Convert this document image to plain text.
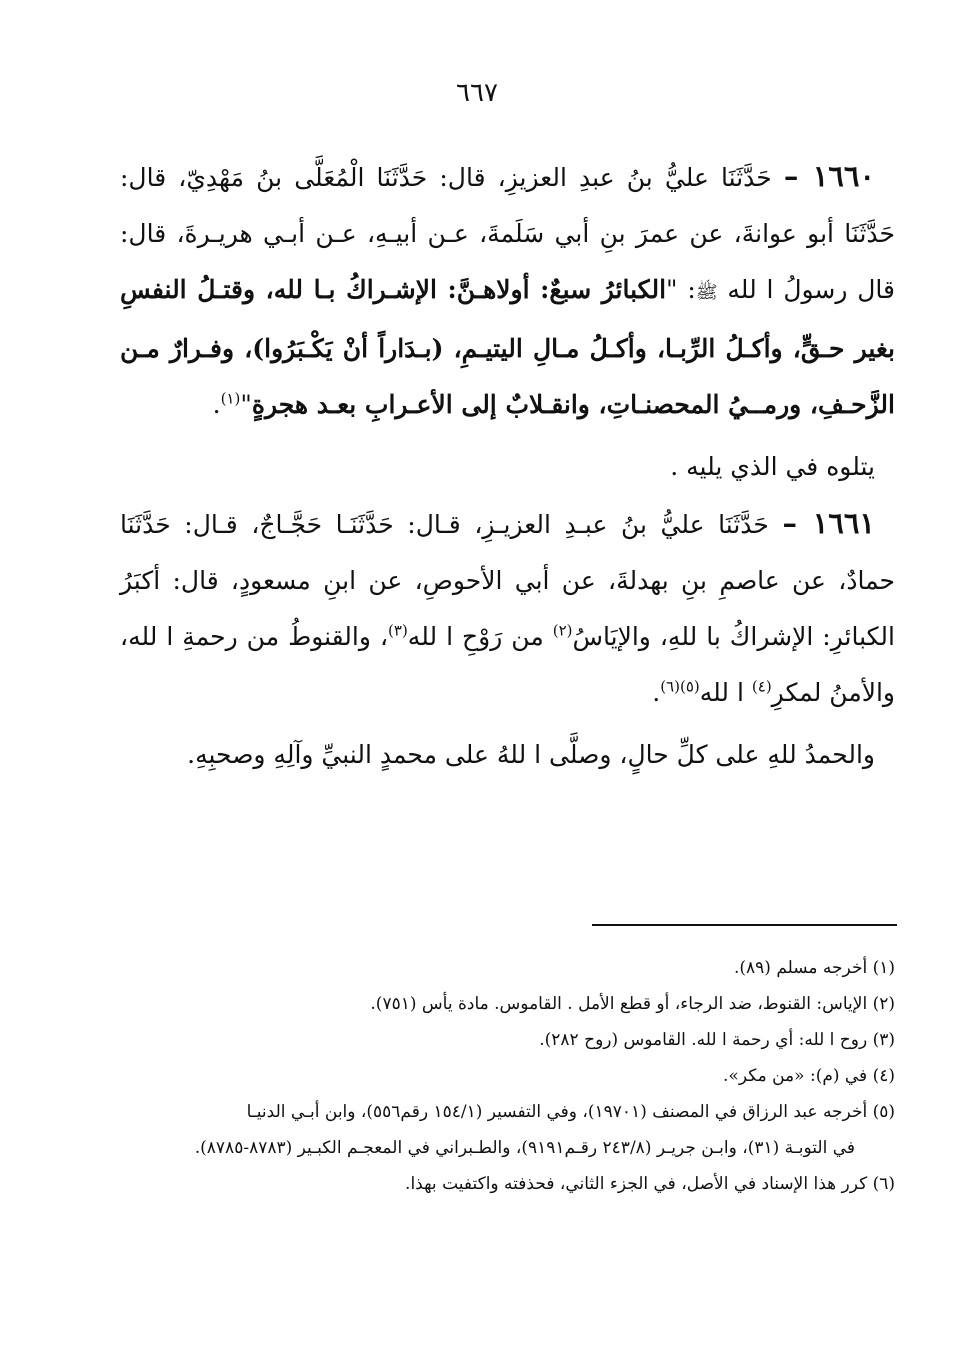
٦٦٧

١٦٦٠ – حَدَّثَنَا عليُّ بنُ عبدِ العزيزِ، قال: حَدَّثَنَا الْمُعَلَّى بنُ مَهْدِيّ، قال: حَدَّثَنَا أبو عوانةَ، عن عمرَ بنِ أبي سَلَمةَ، عـن أبيـهِ، عـن أبـي هريـرةَ، قال: قال رسولُ ا لله ﷺ: "الكبائرُ سبعٌ: أولاهـنَّ: الإشـراكُ بـا لله، وقتـلُ النفسِ بغير حـقٍّ، وأكـلُ الرِّبـا، وأكـلُ مـالِ اليتيـمِ، (بـدَاراً أنْ يَكْـبَرُوا)، وفـرارٌ مـن الزَّحـفِ، ورمــيُ المحصنـاتِ، وانقـلابٌ إلى الأعـرابِ بعـد هجرةٍ"$^{(١)}$.

يتلوه في الذي يليه .

١٦٦١ – حَدَّثَنَا عليُّ بنُ عبـدِ العزيـزِ، قـال: حَدَّثَنَـا حَجَّـاجٌ، قـال: حَدَّثَنَا حمادٌ، عن عاصمِ بنِ بهدلةَ، عن أبي الأحوصِ، عن ابنِ مسعودٍ، قال: أكبَرُ الكبائرِ: الإشراكُ با للهِ، والإيَاسُ$^{(٢)}$ من رَوْحِ ا لله$^{(٣)}$، والقنوطُ من رحمةِ ا لله، والأمنُ لمكرِ$^{(٤)}$ ا لله$^{(٥)(٦)}$.

والحمدُ للهِ على كلِّ حالٍ، وصلَّى ا للهُ على محمدٍ النبيِّ وآلِهِ وصحبِهِ.

(١) أخرجه مسلم (٨٩).

(٢) الإياس: القنوط، ضد الرجاء، أو قطع الأمل . القاموس. مادة يأس (٧٥١).

(٣) روح ا لله: أي رحمة ا لله. القاموس (روح ٢٨٢).

(٤) في (م): «من مكر».

(٥) أخرجه عبد الرزاق في المصنف (١٩٧٠١)، وفي التفسير (١٥٤/١ رقم٥٥٦)، وابن أبـي الدنيـا
في التوبـة (٣١)، وابـن جريـر (٢٤٣/٨ رقـم٩١٩١)، والطـبراني في المعجـم الكبـير (٨٧٨٣-٨٧٨٥).

(٦) كرر هذا الإسناد في الأصل، في الجزء الثاني، فحذفته واكتفيت بهذا.
